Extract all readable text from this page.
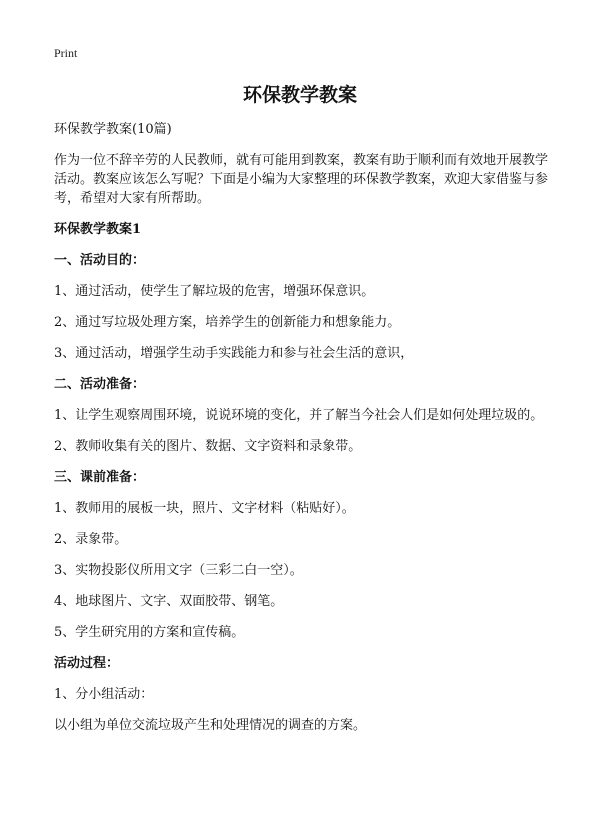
Print
环保教学教案
环保教学教案(10篇)
作为一位不辞辛劳的人民教师，就有可能用到教案，教案有助于顺利而有效地开展教学活动。教案应该怎么写呢？下面是小编为大家整理的环保教学教案，欢迎大家借鉴与参考，希望对大家有所帮助。
环保教学教案1
一、活动目的：
1、通过活动，使学生了解垃圾的危害，增强环保意识。
2、通过写垃圾处理方案，培养学生的创新能力和想象能力。
3、通过活动，增强学生动手实践能力和参与社会生活的意识，
二、活动准备：
1、让学生观察周围环境，说说环境的变化，并了解当今社会人们是如何处理垃圾的。
2、教师收集有关的图片、数据、文字资料和录象带。
三、课前准备：
1、教师用的展板一块，照片、文字材料（粘贴好）。
2、录象带。
3、实物投影仪所用文字（三彩二白一空）。
4、地球图片、文字、双面胶带、钢笔。
5、学生研究用的方案和宣传稿。
活动过程：
1、分小组活动：
以小组为单位交流垃圾产生和处理情况的调查的方案。
